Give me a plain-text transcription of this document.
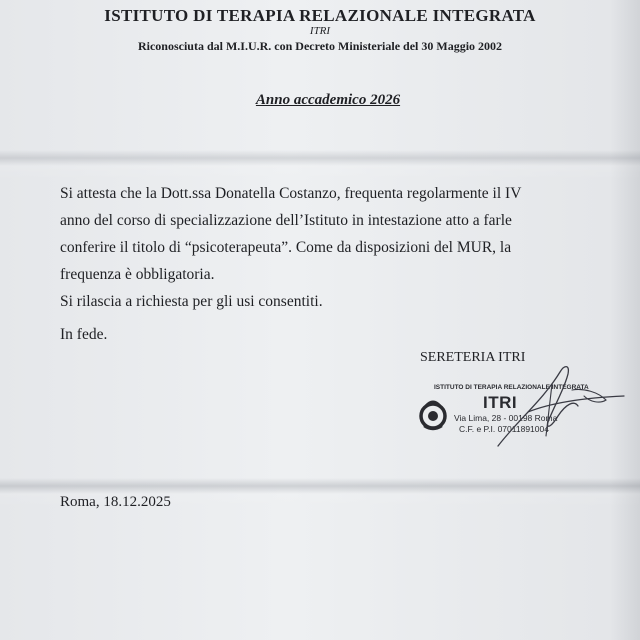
ISTITUTO DI TERAPIA RELAZIONALE INTEGRATA

ITRI

Riconosciuta dal M.I.U.R. con Decreto Ministeriale del 30 Maggio 2002

Anno accademico 2026

Si attesta che la Dott.ssa Donatella Costanzo, frequenta regolarmente il IV
anno del corso di specializzazione dell’Istituto in intestazione atto a farle
conferire il titolo di “psicoterapeuta”. Come da disposizioni del MUR, la
frequenza è obbligatoria.

Si rilascia a richiesta per gli usi consentiti.
In fede.

SERETERIA ITRI

ISTITUTO DI TERAPIA RELAZIONALE INTEGRATA
ITRI
Via Lima, 28 - 00198 Roma
C.F. e P.I. 07011891004

Roma, 18.12.2025
